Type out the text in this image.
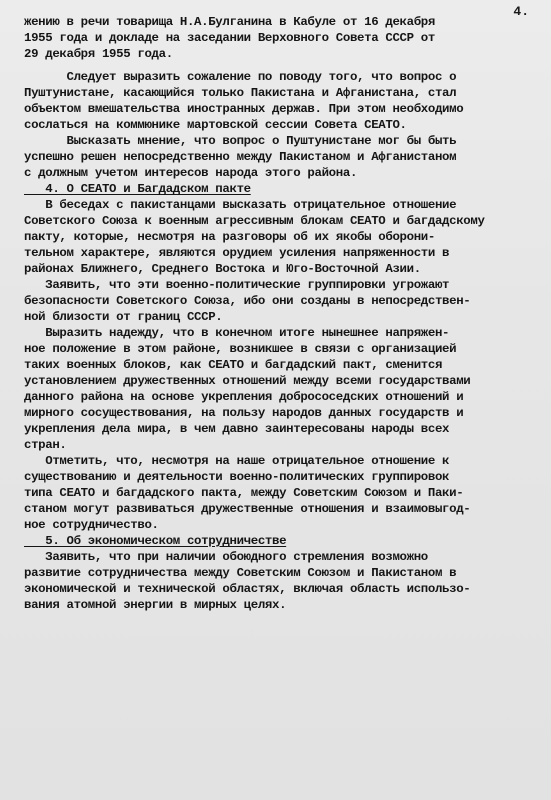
4.
жению в речи товарища Н.А.Булганина в Кабуле от 16 декабря
1955 года и докладе на заседании Верховного Совета СССР от
29 декабря 1955 года.
Следует выразить сожаление по поводу того, что вопрос о
Пуштунистане, касающийся только Пакистана и Афганистана, стал
объектом вмешательства иностранных держав. При этом необходимо
сослаться на коммюнике мартовской сессии Совета СЕАТО.
Высказать мнение, что вопрос о Пуштунистане мог бы быть
успешно решен непосредственно между Пакистаном и Афганистаном
с должным учетом интересов народа этого района.
4. О СЕАТО и Багдадском пакте
В беседах с пакистанцами высказать отрицательное отношение
Советского Союза к военным агрессивным блокам СЕАТО и багдадскому
пакту, которые, несмотря на разговоры об их якобы оборони-
тельном характере, являются орудием усиления напряженности в
районах Ближнего, Среднего Востока и Юго-Восточной Азии.
Заявить, что эти военно-политические группировки угрожают
безопасности Советского Союза, ибо они созданы в непосредствен-
ной близости от границ СССР.
Выразить надежду, что в конечном итоге нынешнее напряжен-
ное положение в этом районе, возникшее в связи с организацией
таких военных блоков, как СЕАТО и багдадский пакт, сменится
установлением дружественных отношений между всеми государствами
данного района на основе укрепления добрососедских отношений и
мирного сосуществования, на пользу народов данных государств и
укрепления дела мира, в чем давно заинтересованы народы всех
стран.
Отметить, что, несмотря на наше отрицательное отношение к
существованию и деятельности военно-политических группировок
типа СЕАТО и багдадского пакта, между Советским Союзом и Паки-
станом могут развиваться дружественные отношения и взаимовыгод-
ное сотрудничество.
5. Об экономическом сотрудничестве
Заявить, что при наличии обоюдного стремления возможно
развитие сотрудничества между Советским Союзом и Пакистаном в
экономической и технической областях, включая область использо-
вания атомной энергии в мирных целях.
